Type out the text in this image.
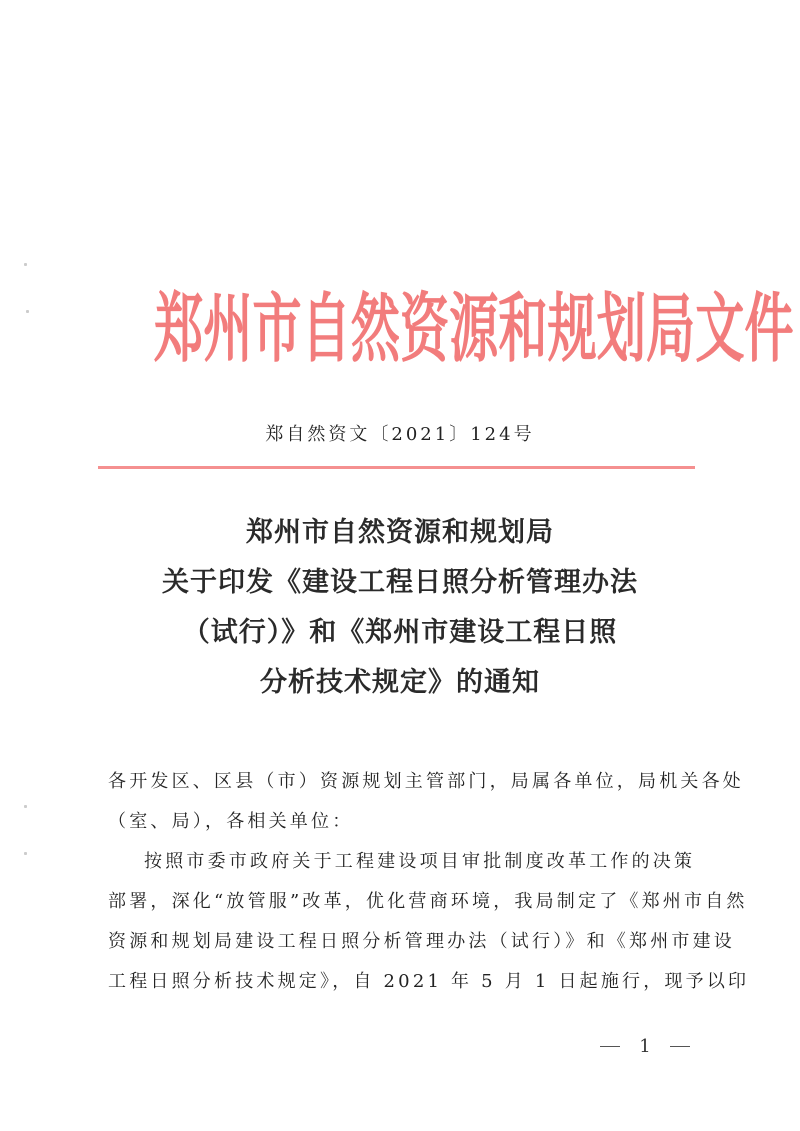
郑 州 市 自 然 资 源 和 规 划 局 文 件
郑自然资文〔2021〕124号
郑州市自然资源和规划局
关于印发《建设工程日照分析管理办法
（试行）》和《郑州市建设工程日照
分析技术规定》的通知
各开发区、区县（市）资源规划主管部门，局属各单位，局机关各处
（室、局），各相关单位：
按照市委市政府关于工程建设项目审批制度改革工作的决策
部署，深化“放管服”改革，优化营商环境，我局制定了《郑州市自然
资源和规划局建设工程日照分析管理办法（试行）》和《郑州市建设
工程日照分析技术规定》，自 2021 年 5 月 1 日起施行，现予以印
1
